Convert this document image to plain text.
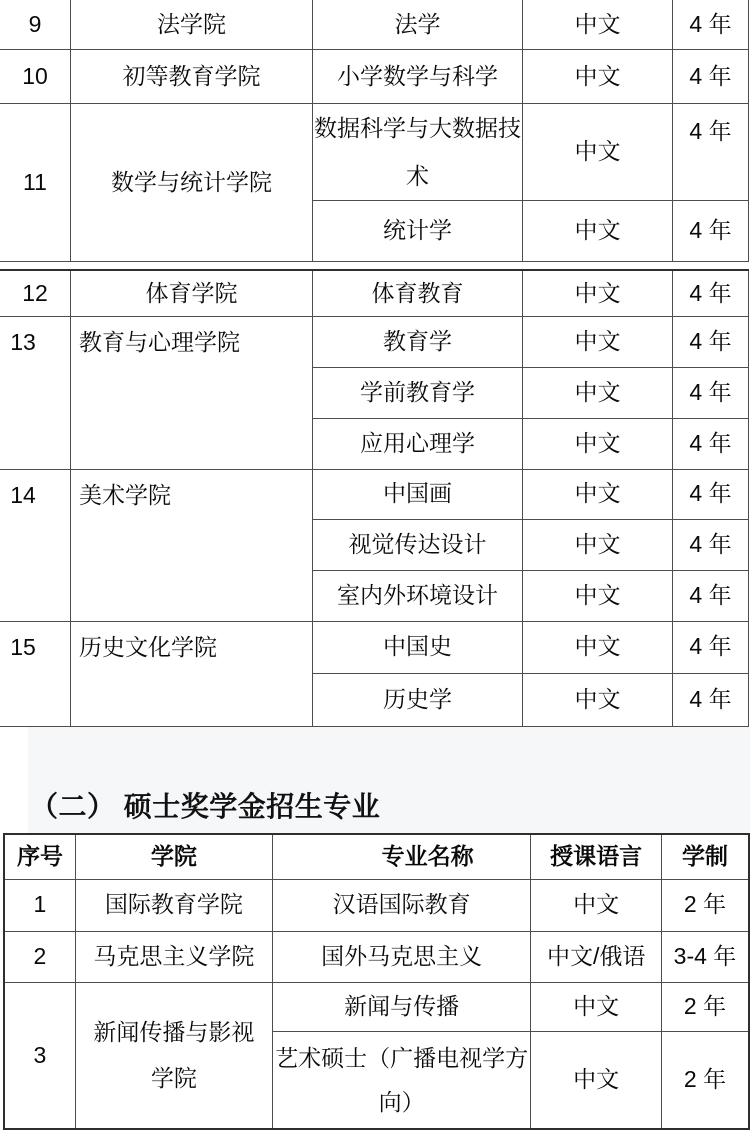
9	法学院	法学	中文	4 年
10	初等教育学院	小学数学与科学	中文	4 年
11	数学与统计学院	数据科学与大数据技术	中文	4 年
		统计学	中文	4 年
12	体育学院	体育教育	中文	4 年
13	教育与心理学院	教育学	中文	4 年
		学前教育学	中文	4 年
		应用心理学	中文	4 年
14	美术学院	中国画	中文	4 年
		视觉传达设计	中文	4 年
		室内外环境设计	中文	4 年
15	历史文化学院	中国史	中文	4 年
		历史学	中文	4 年
（二） 硕士奖学金招生专业
序号	学院	专业名称	授课语言	学制
1	国际教育学院	汉语国际教育	中文	2 年
2	马克思主义学院	国外马克思主义	中文/俄语	3-4 年
3	新闻传播与影视学院	新闻与传播	中文	2 年
		艺术硕士（广播电视学方向）	中文	2 年
